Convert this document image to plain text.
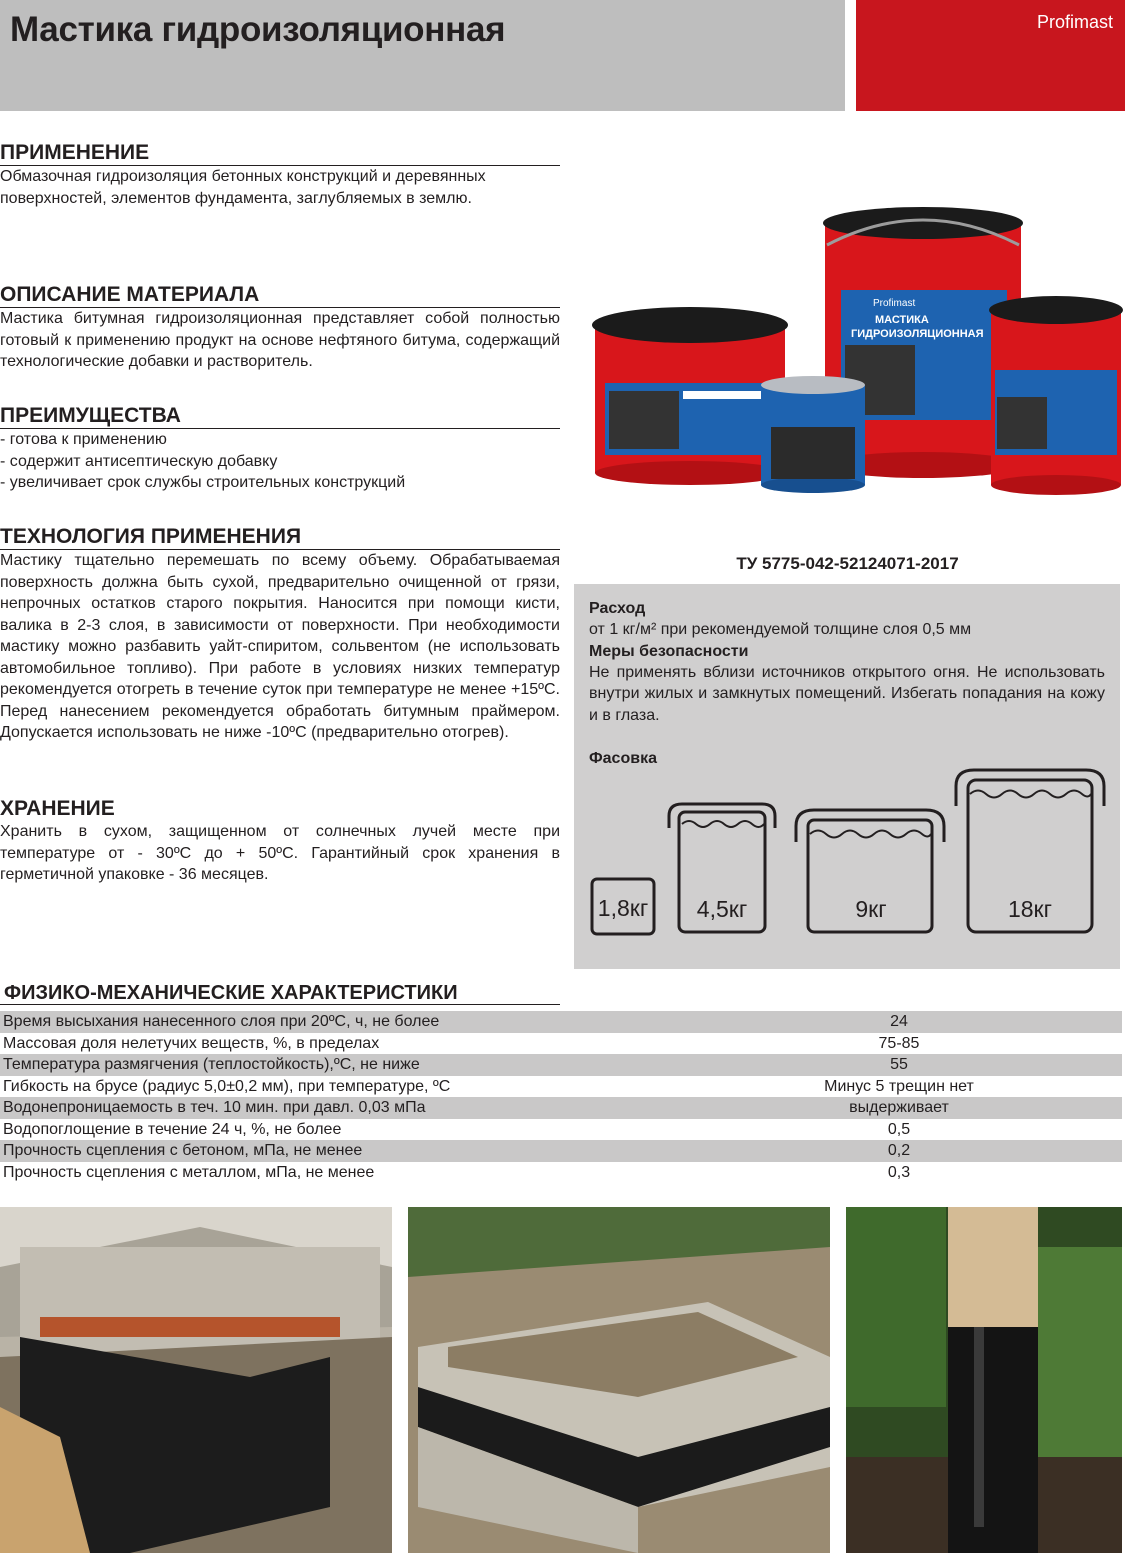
Мастика гидроизоляционная	Profimast
ПРИМЕНЕНИЕ

Обмазочная гидроизоляция бетонных конструкций и деревянных поверхностей, элементов фундамента, заглубляемых в землю.

ОПИСАНИЕ МАТЕРИАЛА

Мастика битумная гидроизоляционная представляет собой полностью готовый к применению продукт на основе нефтяного битума, содержащий технологические добавки и растворитель.

ПРЕИМУЩЕСТВА
- готова к применению
- содержит антисептическую добавку
- увеличивает срок службы строительных конструкций
ТЕХНОЛОГИЯ ПРИМЕНЕНИЯ

Мастику тщательно перемешать по всему объему. Обрабатываемая поверхность должна быть сухой, предварительно очищенной от грязи, непрочных остатков старого покрытия. Наносится при помощи кисти, валика в 2-3 слоя, в зависимости от поверхности. При необходимости мастику можно разбавить уайт-спиритом, сольвентом (не использовать автомобильное топливо). При работе в условиях низких температур рекомендуется отогреть в течение суток при температуре не менее +15ºС. Перед нанесением рекомендуется обработать битумным праймером. Допускается использовать не ниже -10ºС (предварительно отогрев).

ХРАНЕНИЕ

Хранить в сухом, защищенном от солнечных лучей месте при температуре от - 30ºС до + 50ºС. Гарантийный срок хранения в герметичной упаковке - 36 месяцев.

Profimast
МАСТИКА
ГИДРОИЗОЛЯЦИОННАЯ
ТУ 5775-042-52124071-2017

Расход

от 1 кг/м² при рекомендуемой толщине слоя 0,5 мм

Меры безопасности

Не применять вблизи источников открытого огня. Не использовать внутри жилых и замкнутых помещений. Избегать попадания на кожу и в глаза.

Фасовка

1,8кг 4,5кг	9кг	18кг
ФИЗИКО-МЕХАНИЧЕСКИЕ ХАРАКТЕРИСТИКИ
Время высыхания нанесенного слоя при 20ºС, ч, не более	24
Массовая доля нелетучих веществ, %, в пределах	75-85
Температура размягчения (теплостойкость),ºС, не ниже	55
Гибкость на брусе (радиус 5,0±0,2 мм), при температуре, ºС	Минус 5 трещин нет
Водонепроницаемость в теч. 10 мин. при давл. 0,03 мПа	выдерживает
Водопоглощение в течение 24 ч, %, не более	0,5
Прочность сцепления с бетоном, мПа, не менее	0,2
Прочность сцепления с металлом, мПа, не менее	0,3
